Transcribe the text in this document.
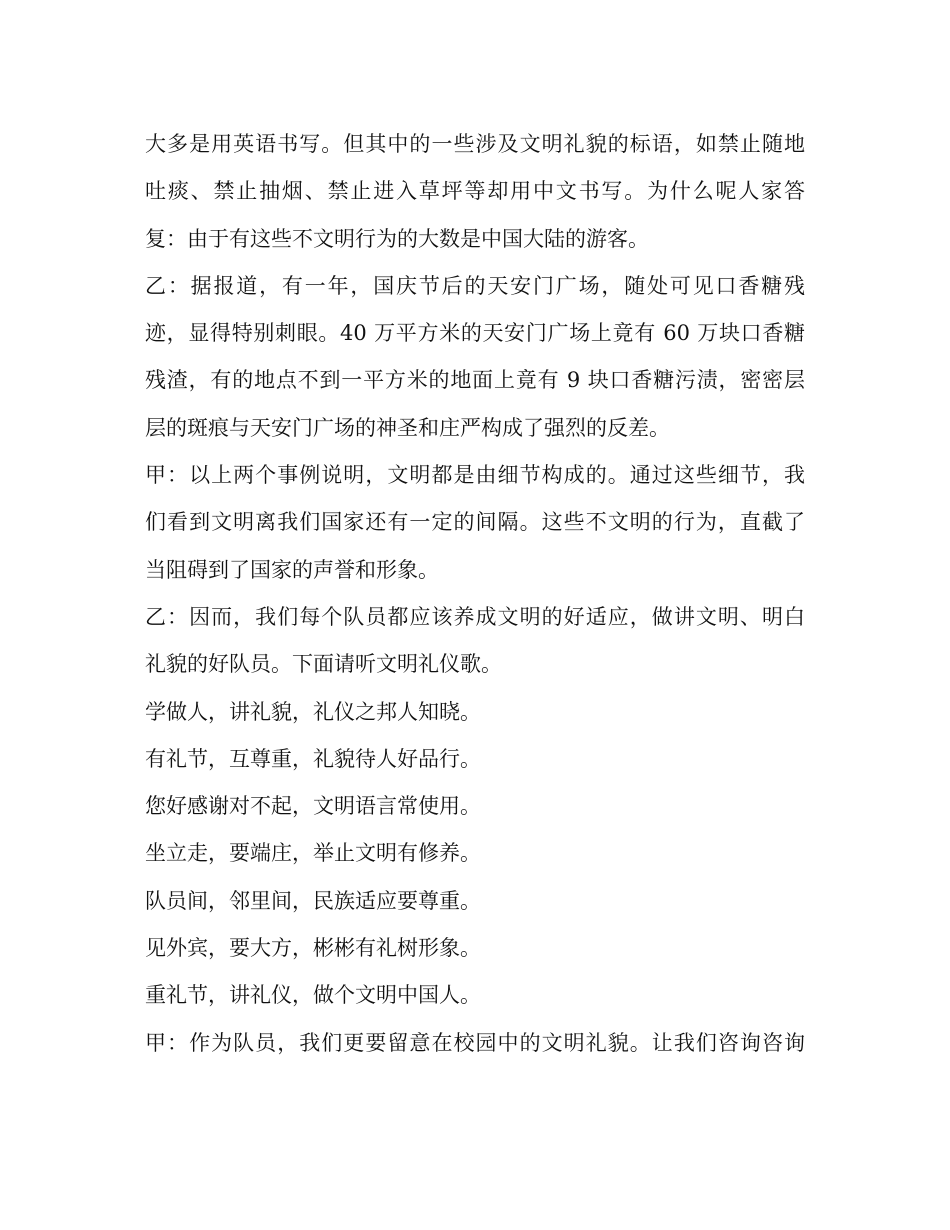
大多是用英语书写。但其中的一些涉及文明礼貌的标语，如禁止随地
吐痰、禁止抽烟、禁止进入草坪等却用中文书写。为什么呢人家答
复：由于有这些不文明行为的大数是中国大陆的游客。
乙：据报道，有一年，国庆节后的天安门广场，随处可见口香糖残
迹，显得特别刺眼。40 万平方米的天安门广场上竟有 60 万块口香糖
残渣，有的地点不到一平方米的地面上竟有 9 块口香糖污渍，密密层
层的斑痕与天安门广场的神圣和庄严构成了强烈的反差。
甲：以上两个事例说明，文明都是由细节构成的。通过这些细节，我
们看到文明离我们国家还有一定的间隔。这些不文明的行为，直截了
当阻碍到了国家的声誉和形象。
乙：因而，我们每个队员都应该养成文明的好适应，做讲文明、明白
礼貌的好队员。下面请听文明礼仪歌。
学做人，讲礼貌，礼仪之邦人知晓。
有礼节，互尊重，礼貌待人好品行。
您好感谢对不起，文明语言常使用。
坐立走，要端庄，举止文明有修养。
队员间，邻里间，民族适应要尊重。
见外宾，要大方，彬彬有礼树形象。
重礼节，讲礼仪，做个文明中国人。
甲：作为队员，我们更要留意在校园中的文明礼貌。让我们咨询咨询
